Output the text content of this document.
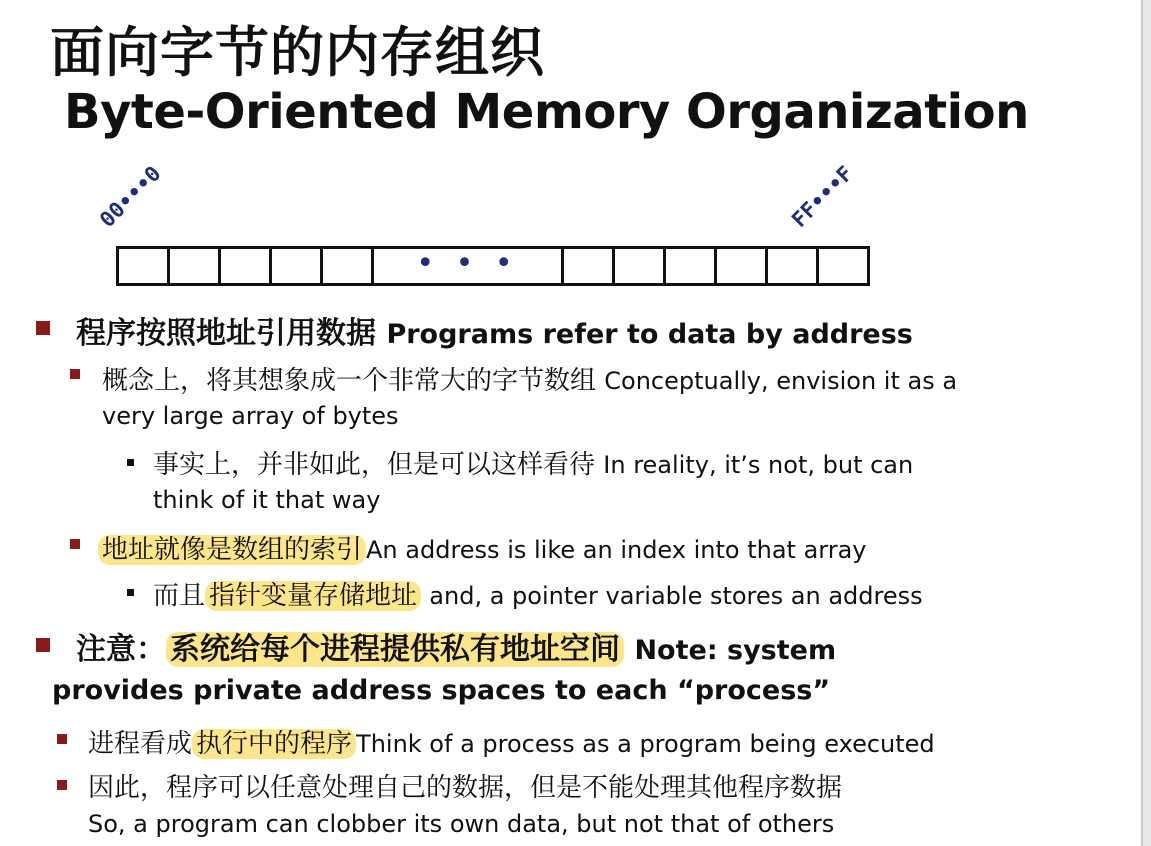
面向字节的内存组织
Byte-Oriented Memory Organization
00•••0	FF•••F
• • •
程序按照地址引用数据 Programs refer to data by address
概念上，将其想象成一个非常大的字节数组 Conceptually, envision it as a
very large array of bytes
事实上，并非如此，但是可以这样看待 In reality, it’s not, but can
think of it that way
地址就像是数组的索引 An address is like an index into that array
而且 指针变量存储地址 and, a pointer variable stores an address
注意： 系统给每个进程提供私有地址空间 Note: system
provides private address spaces to each “process”
进程看成 执行中的程序 Think of a process as a program being executed
因此，程序可以任意处理自己的数据，但是不能处理其他程序数据
So, a program can clobber its own data, but not that of others
